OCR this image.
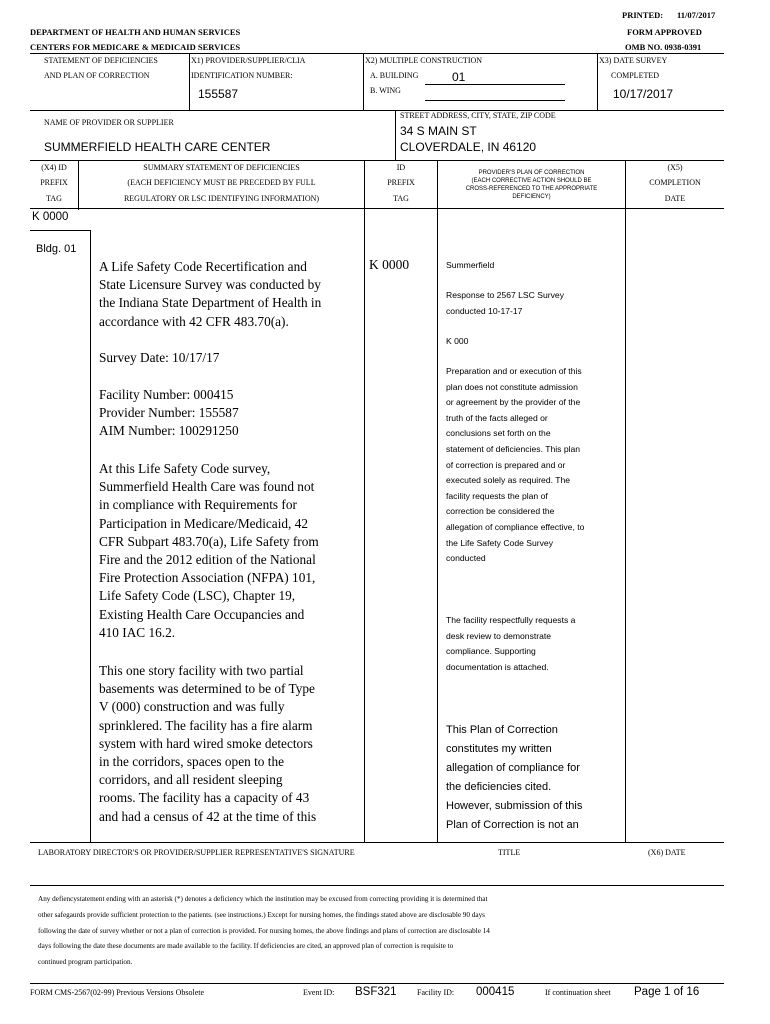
PRINTED: 11/07/2017
DEPARTMENT OF HEALTH AND HUMAN SERVICES	FORM APPROVED
CENTERS FOR MEDICARE & MEDICAID SERVICES	OMB NO. 0938-0391
STATEMENT OF DEFICIENCIES
AND PLAN OF CORRECTION
X1) PROVIDER/SUPPLIER/CLIA
IDENTIFICATION NUMBER:
155587
X2) MULTIPLE CONSTRUCTION
A. BUILDING	01
B. WING
X3) DATE SURVEY
COMPLETED
10/17/2017
NAME OF PROVIDER OR SUPPLIER
SUMMERFIELD HEALTH CARE CENTER
STREET ADDRESS, CITY, STATE, ZIP CODE
34 S MAIN ST
CLOVERDALE, IN 46120
(X4) ID
PREFIX
TAG
SUMMARY STATEMENT OF DEFICIENCIES
(EACH DEFICIENCY MUST BE PRECEDED BY FULL
REGULATORY OR LSC IDENTIFYING INFORMATION)
ID
PREFIX
TAG
PROVIDER'S PLAN OF CORRECTION
(EACH CORRECTIVE ACTION SHOULD BE
CROSS-REFERENCED TO THE APPROPRIATE
DEFICIENCY)
(X5)
COMPLETION
DATE
K 0000
Bldg. 01
A Life Safety Code Recertification and
State Licensure Survey was conducted by
the Indiana State Department of Health in
accordance with 42 CFR 483.70(a).
Survey Date: 10/17/17
Facility Number: 000415
Provider Number: 155587
AIM Number: 100291250
At this Life Safety Code survey,
Summerfield Health Care was found not
in compliance with Requirements for
Participation in Medicare/Medicaid, 42
CFR Subpart 483.70(a), Life Safety from
Fire and the 2012 edition of the National
Fire Protection Association (NFPA) 101,
Life Safety Code (LSC), Chapter 19,
Existing Health Care Occupancies and
410 IAC 16.2.
This one story facility with two partial
basements was determined to be of Type
V (000) construction and was fully
sprinklered. The facility has a fire alarm
system with hard wired smoke detectors
in the corridors, spaces open to the
corridors, and all resident sleeping
rooms. The facility has a capacity of 43
and had a census of 42 at the time of this
K 0000	Summerfield
Response to 2567 LSC Survey
conducted 10-17-17
K 000
Preparation and or execution of this
plan does not constitute admission
or agreement by the provider of the
truth of the facts alleged or
conclusions set forth on the
statement of deficiencies. This plan
of correction is prepared and or
executed solely as required. The
facility requests the plan of
correction be considered the
allegation of compliance effective, to
the Life Safety Code Survey
conducted
The facility respectfully requests a
desk review to demonstrate
compliance. Supporting
documentation is attached.
This Plan of Correction
constitutes my written
allegation of compliance for
the deficiencies cited.
However, submission of this
Plan of Correction is not an
LABORATORY DIRECTOR'S OR PROVIDER/SUPPLIER REPRESENTATIVE'S SIGNATURE	TITLE	(X6) DATE
Any defiencystatement ending with an asterisk (*) denotes a deficiency which the institution may be excused from correcting providing it is determined that
other safegaurds provide sufficient protection to the patients. (see instructions.) Except for nursing homes, the findings stated above are disclosable 90 days
following the date of survey whether or not a plan of correction is provided. For nursing homes, the above findings and plans of correction are disclosable 14
days following the date these documents are made available to the facility. If deficiencies are cited, an approved plan of correction is requisite to
continued program participation.
FORM CMS-2567(02-99) Previous Versions Obsolete	Event ID: BSF321	Facility ID: 000415	If continuation sheet Page 1 of 16
